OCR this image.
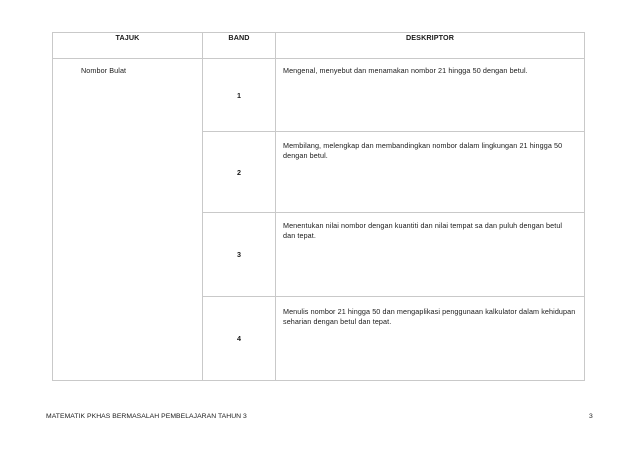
TAJUK	BAND	DESKRIPTOR
Nombor Bulat	1	Mengenal, menyebut dan menamakan nombor 21 hingga 50 dengan betul.
	2	Membilang, melengkap dan membandingkan nombor dalam lingkungan 21 hingga 50 dengan betul.
	3	Menentukan nilai nombor dengan kuantiti dan nilai tempat sa dan puluh dengan betul dan tepat.
	4	Menulis nombor 21 hingga 50 dan mengaplikasi penggunaan kalkulator dalam kehidupan seharian dengan betul dan tepat.
MATEMATIK PKHAS BERMASALAH PEMBELAJARAN TAHUN 3	3
